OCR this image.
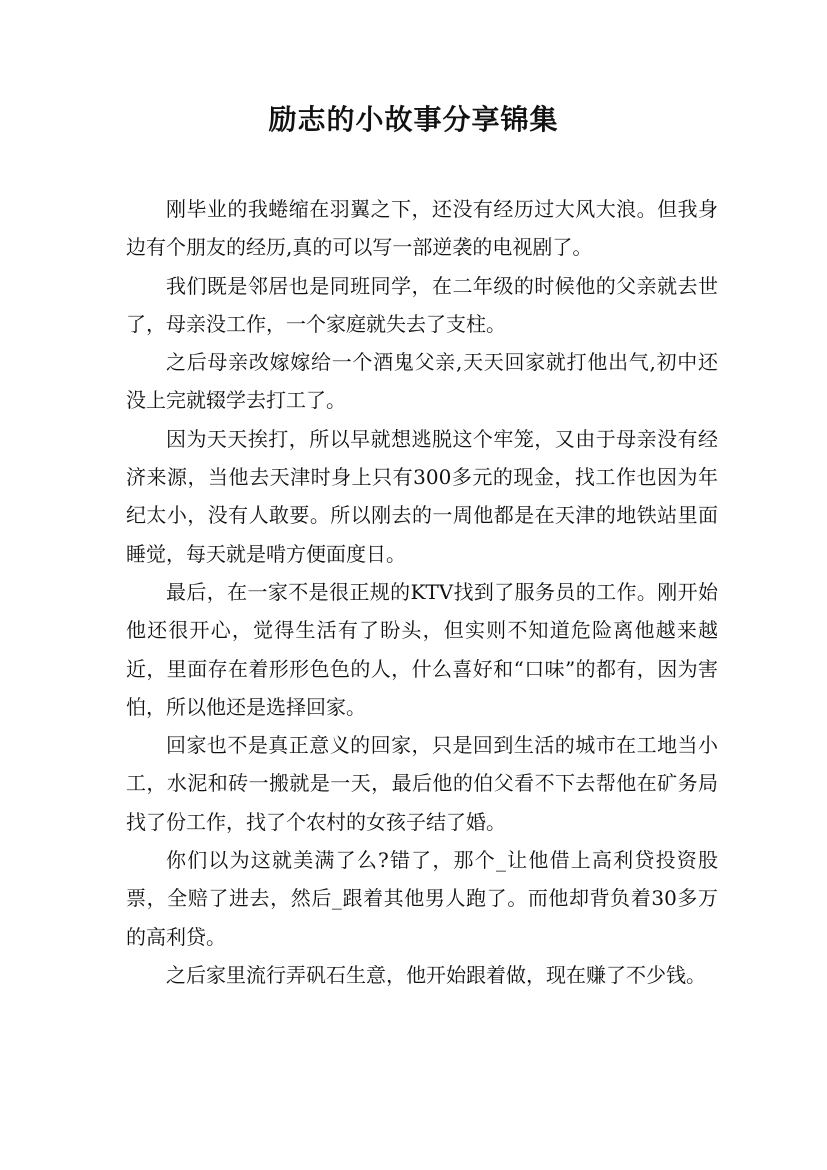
励志的小故事分享锦集

刚毕业的我蜷缩在羽翼之下，还没有经历过大风大浪。但我身边有个朋友的经历,真的可以写一部逆袭的电视剧了。

我们既是邻居也是同班同学，在二年级的时候他的父亲就去世了，母亲没工作，一个家庭就失去了支柱。

之后母亲改嫁嫁给一个酒鬼父亲,天天回家就打他出气,初中还没上完就辍学去打工了。

因为天天挨打，所以早就想逃脱这个牢笼，又由于母亲没有经济来源，当他去天津时身上只有300多元的现金，找工作也因为年纪太小，没有人敢要。所以刚去的一周他都是在天津的地铁站里面睡觉，每天就是啃方便面度日。

最后，在一家不是很正规的KTV找到了服务员的工作。刚开始他还很开心，觉得生活有了盼头，但实则不知道危险离他越来越近，里面存在着形形色色的人，什么喜好和“口味”的都有，因为害怕，所以他还是选择回家。

回家也不是真正意义的回家，只是回到生活的城市在工地当小工，水泥和砖一搬就是一天，最后他的伯父看不下去帮他在矿务局找了份工作，找了个农村的女孩子结了婚。

你们以为这就美满了么?错了，那个_让他借上高利贷投资股票，全赔了进去，然后_跟着其他男人跑了。而他却背负着30多万的高利贷。

之后家里流行弄矾石生意，他开始跟着做，现在赚了不少钱。
